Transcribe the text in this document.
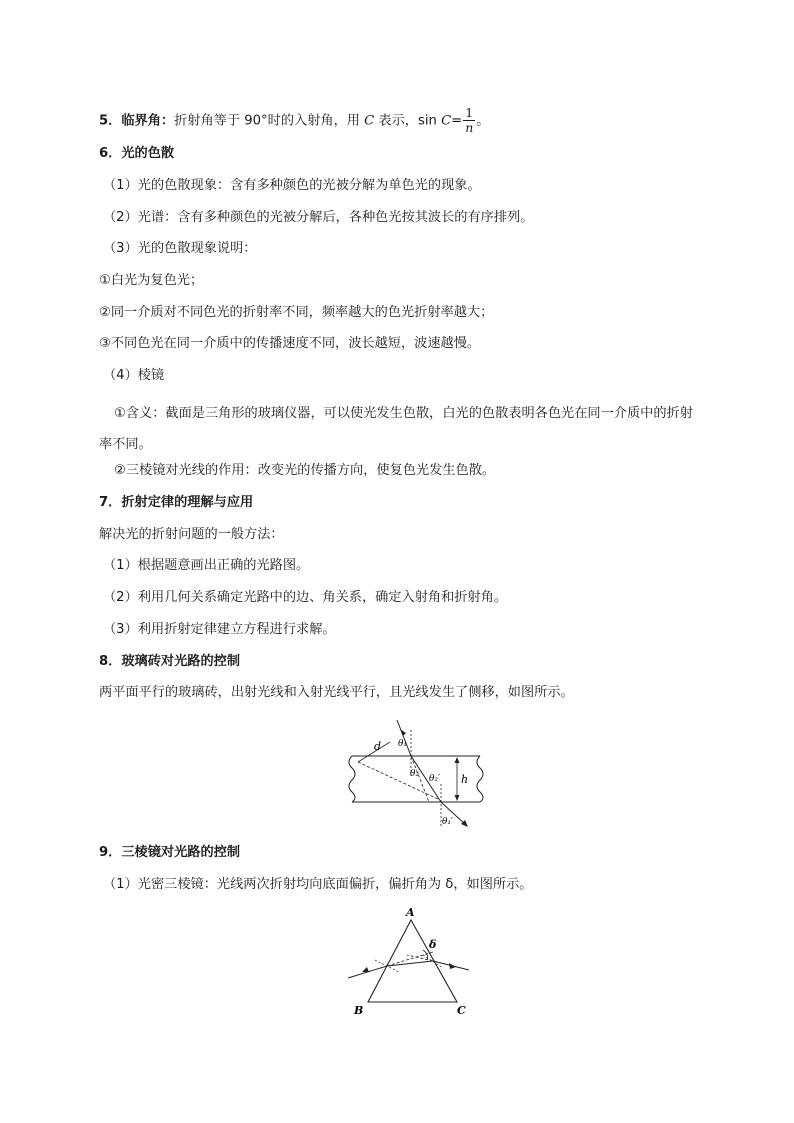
5．临界角：折射角等于 90°时的入射角，用 C 表示，$\sin C= \frac{1}{n}$ 。
6．光的色散
（1）光的色散现象：含有多种颜色的光被分解为单色光的现象。
（2）光谱：含有多种颜色的光被分解后，各种色光按其波长的有序排列。
（3）光的色散现象说明：
①白光为复色光；
②同一介质对不同色光的折射率不同，频率越大的色光折射率越大；
③不同色光在同一介质中的传播速度不同，波长越短，波速越慢。
（4）棱镜
①含义：截面是三角形的玻璃仪器，可以使光发生色散，白光的色散表明各色光在同一介质中的折射率不同。
②三棱镜对光线的作用：改变光的传播方向，使复色光发生色散。
7．折射定律的理解与应用
解决光的折射问题的一般方法：
（1）根据题意画出正确的光路图。
（2）利用几何关系确定光路中的边、角关系，确定入射角和折射角。
（3）利用折射定律建立方程进行求解。
8．玻璃砖对光路的控制
两平面平行的玻璃砖，出射光线和入射光线平行，且光线发生了侧移，如图所示。
d θ₁
θ₂ θ₂′ h
θ₁′
9．三棱镜对光路的控制
（1）光密三棱镜：光线两次折射均向底面偏折，偏折角为 δ，如图所示。
A
B	C
δ
